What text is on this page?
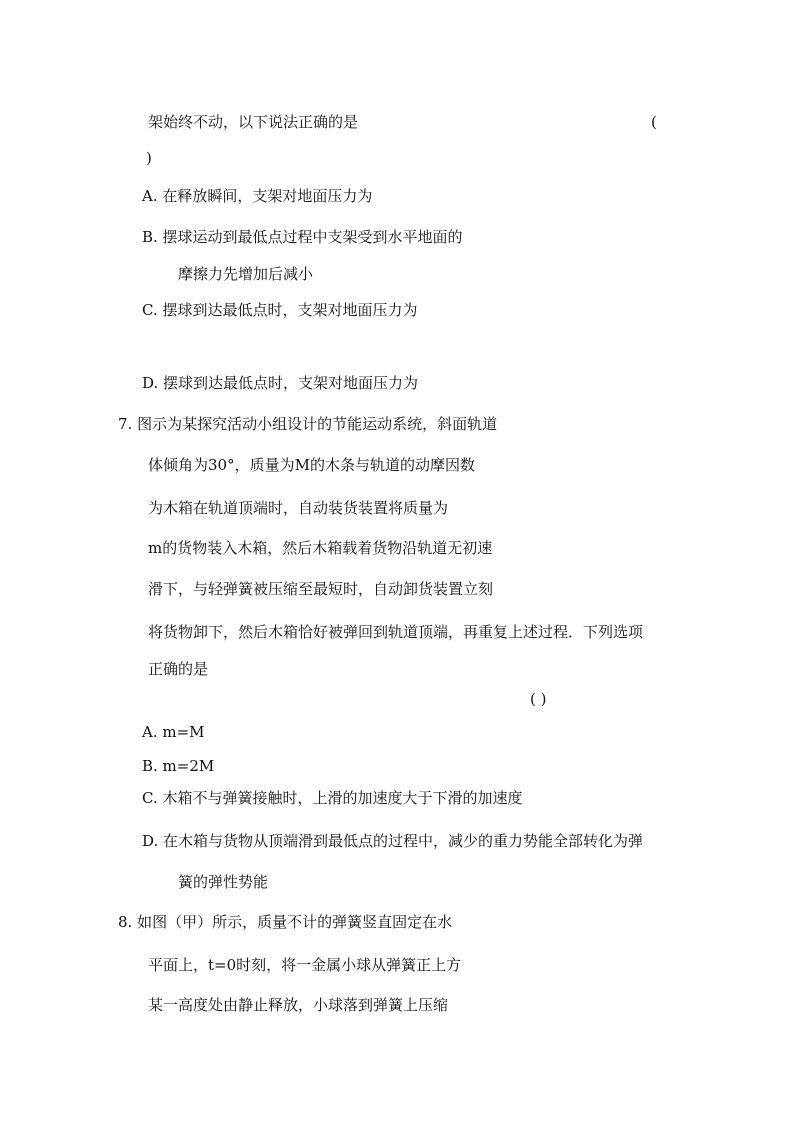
架始终不动，以下说法正确的是	(
)
A. 在释放瞬间，支架对地面压力为
B. 摆球运动到最低点过程中支架受到水平地面的
摩擦力先增加后减小
C. 摆球到达最低点时，支架对地面压力为
D. 摆球到达最低点时，支架对地面压力为
7. 图示为某探究活动小组设计的节能运动系统，斜面轨道
体倾角为30°，质量为M的木条与轨道的动摩因数
为木箱在轨道顶端时，自动装货装置将质量为
m的货物装入木箱，然后木箱载着货物沿轨道无初速
滑下，与轻弹簧被压缩至最短时，自动卸货装置立刻
将货物卸下，然后木箱恰好被弹回到轨道顶端，再重复上述过程．下列选项
正确的是
( )
A. m=M
B. m=2M
C. 木箱不与弹簧接触时，上滑的加速度大于下滑的加速度
D. 在木箱与货物从顶端滑到最低点的过程中，减少的重力势能全部转化为弹
簧的弹性势能
8. 如图（甲）所示，质量不计的弹簧竖直固定在水
平面上，t=0时刻，将一金属小球从弹簧正上方
某一高度处由静止释放，小球落到弹簧上压缩
